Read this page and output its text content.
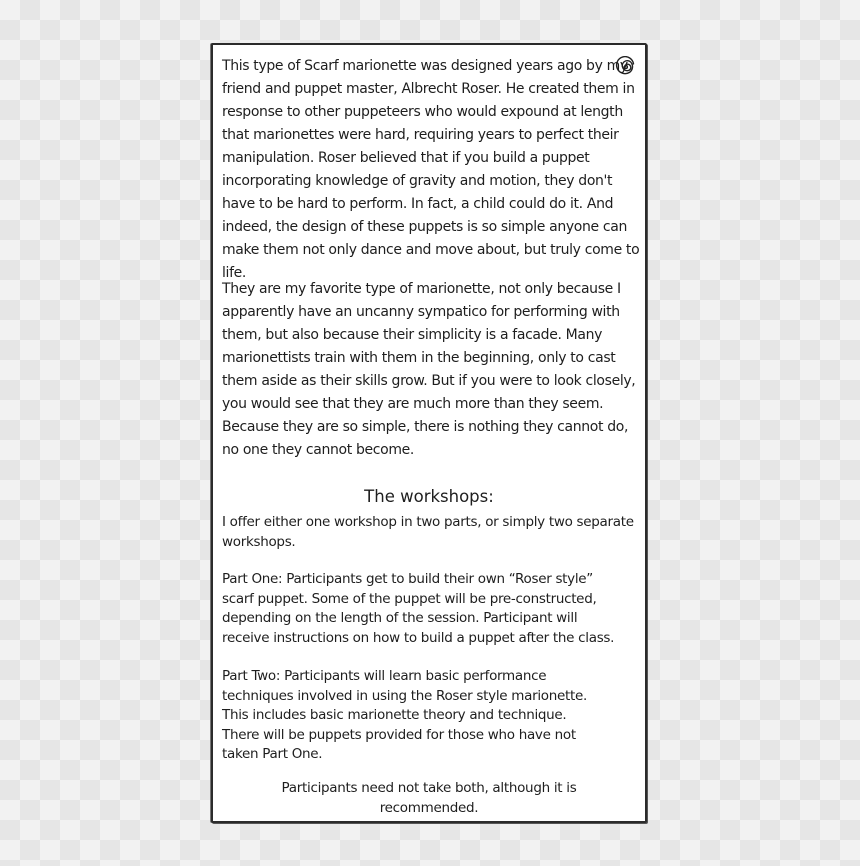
This type of Scarf marionette was designed years ago by my friend and puppet master, Albrecht Roser. He created them in response to other puppeteers who would expound at length that marionettes were hard, requiring years to perfect their manipulation. Roser believed that if you build a puppet incorporating knowledge of gravity and motion, they don't have to be hard to perform. In fact, a child could do it. And indeed, the design of these puppets is so simple anyone can make them not only dance and move about, but truly come to life.

They are my favorite type of marionette, not only because I apparently have an uncanny sympatico for performing with them, but also because their simplicity is a facade. Many marionettists train with them in the beginning, only to cast them aside as their skills grow. But if you were to look closely, you would see that they are much more than they seem. Because they are so simple, there is nothing they cannot do, no one they cannot become.

The workshops:

I offer either one workshop in two parts, or simply two separate workshops.

Part One: Participants get to build their own “Roser style” scarf puppet. Some of the puppet will be pre-constructed, depending on the length of the session. Participant will receive instructions on how to build a puppet after the class.

Part Two: Participants will learn basic performance techniques involved in using the Roser style marionette. This includes basic marionette theory and technique. There will be puppets provided for those who have not taken Part One.

Participants need not take both, although it is
recommended.
